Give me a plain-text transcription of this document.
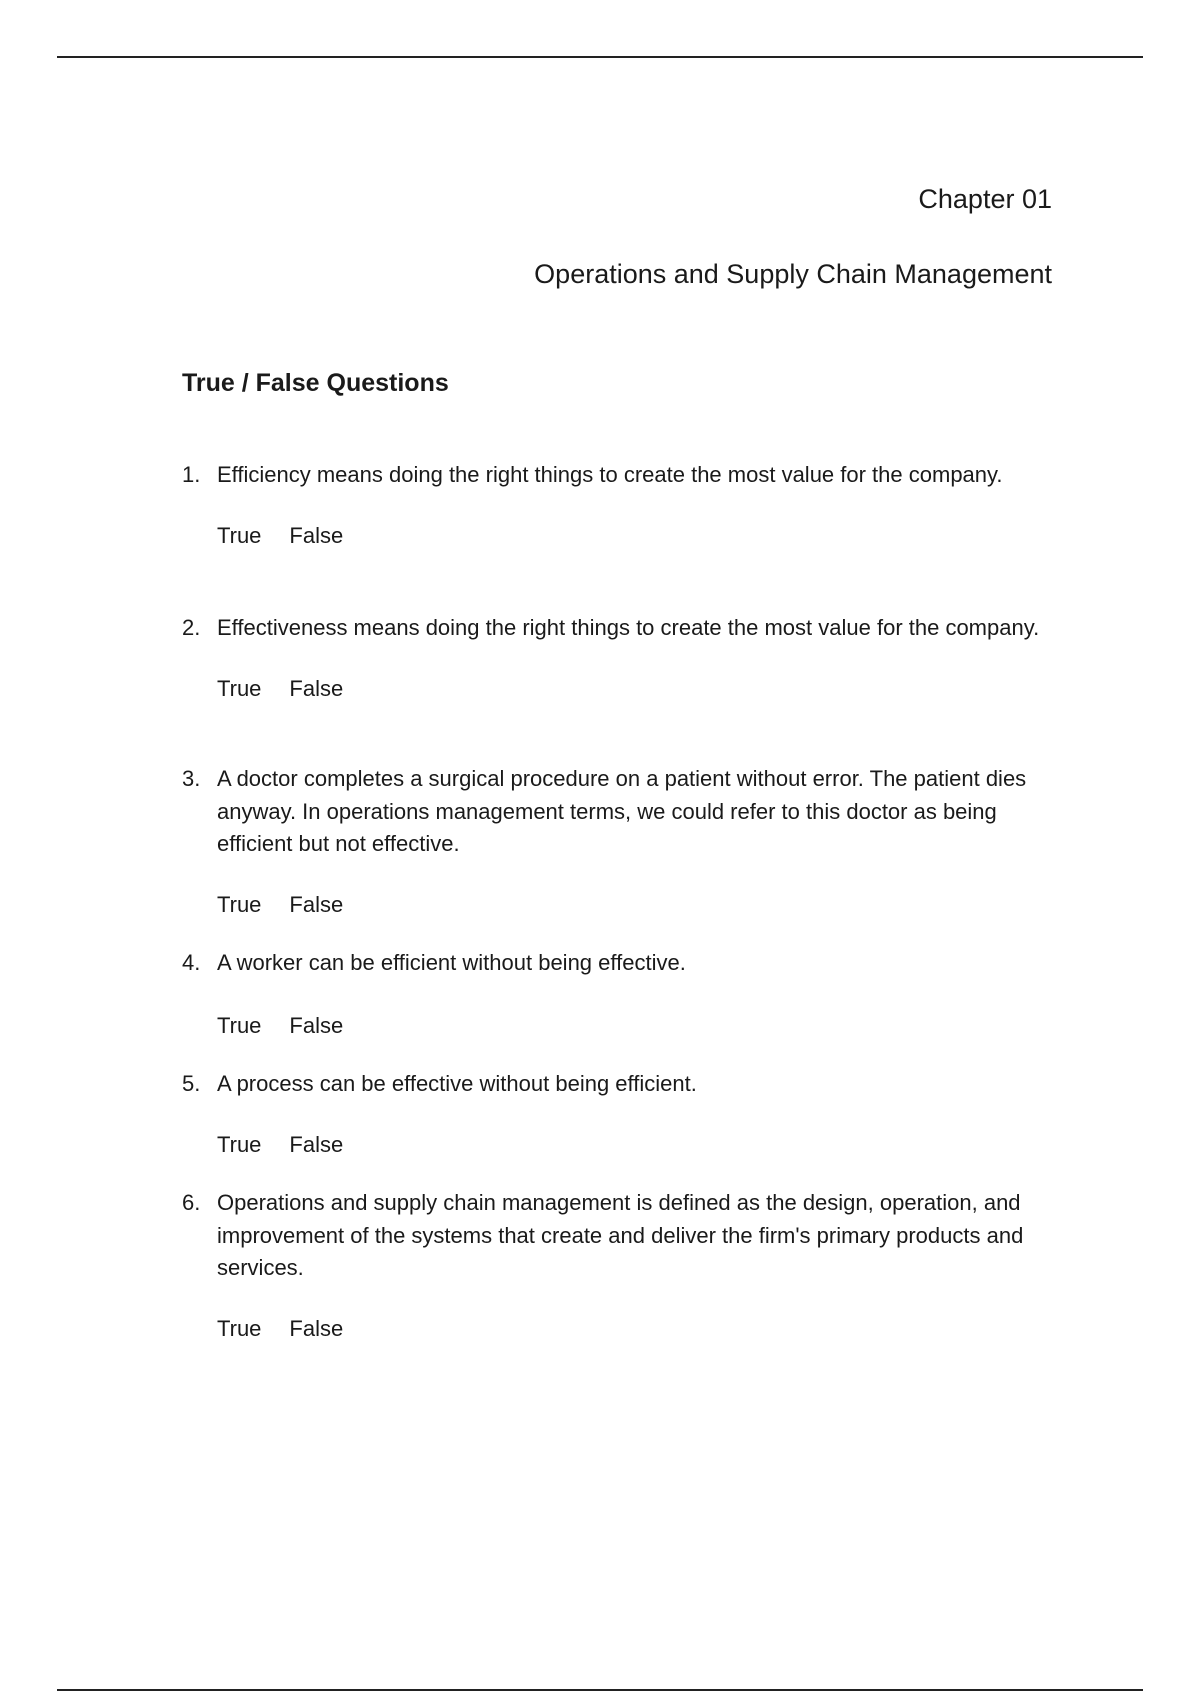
Chapter 01
Operations and Supply Chain Management
True / False Questions
1. Efficiency means doing the right things to create the most value for the company.

True False
2. Effectiveness means doing the right things to create the most value for the company.

True False
3. A doctor completes a surgical procedure on a patient without error. The patient dies anyway. In operations management terms, we could refer to this doctor as being efficient but not effective.

True False
4. A worker can be efficient without being effective.

True False
5. A process can be effective without being efficient.

True False
6. Operations and supply chain management is defined as the design, operation, and improvement of the systems that create and deliver the firm's primary products and services.

True False
